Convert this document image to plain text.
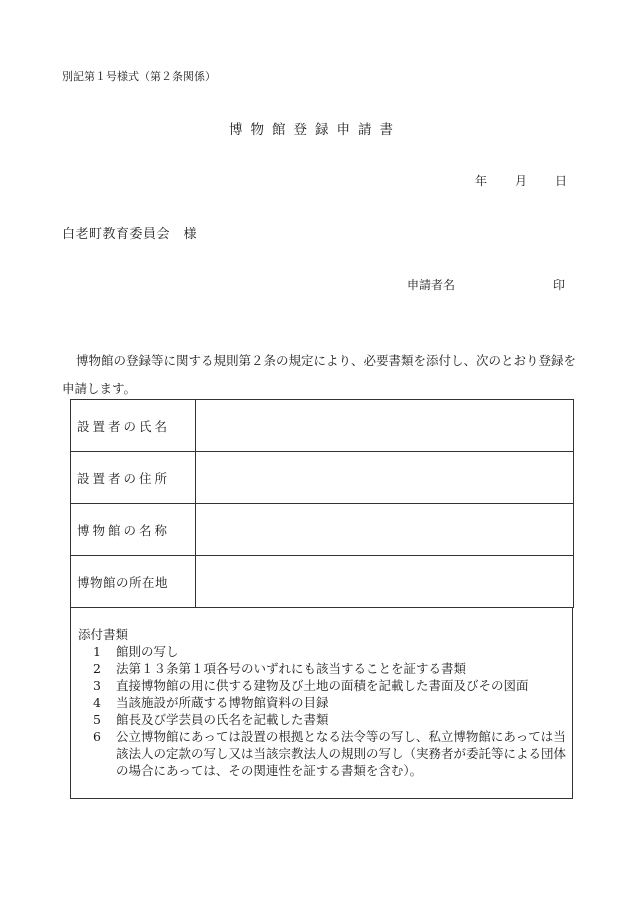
別記第１号様式（第２条関係）
博物館登録申請書
年 月 日
白老町教育委員会　様
申請者名	印
博物館の登録等に関する規則第２条の規定により、必要書類を添付し、次のとおり登録を申請します。
設置者の氏名	
設置者の住所	
博物館の名称	
博物館の所在地	
添付書類
1	館則の写し
2	法第１３条第１項各号のいずれにも該当することを証する書類
3	直接博物館の用に供する建物及び土地の面積を記載した書面及びその図面
4	当該施設が所蔵する博物館資料の目録
5	館長及び学芸員の氏名を記載した書類
6	公立博物館にあっては設置の根拠となる法令等の写し、私立博物館にあっては当該法人の定款の写し又は当該宗教法人の規則の写し（実務者が委託等による団体の場合にあっては、その関連性を証する書類を含む）。
